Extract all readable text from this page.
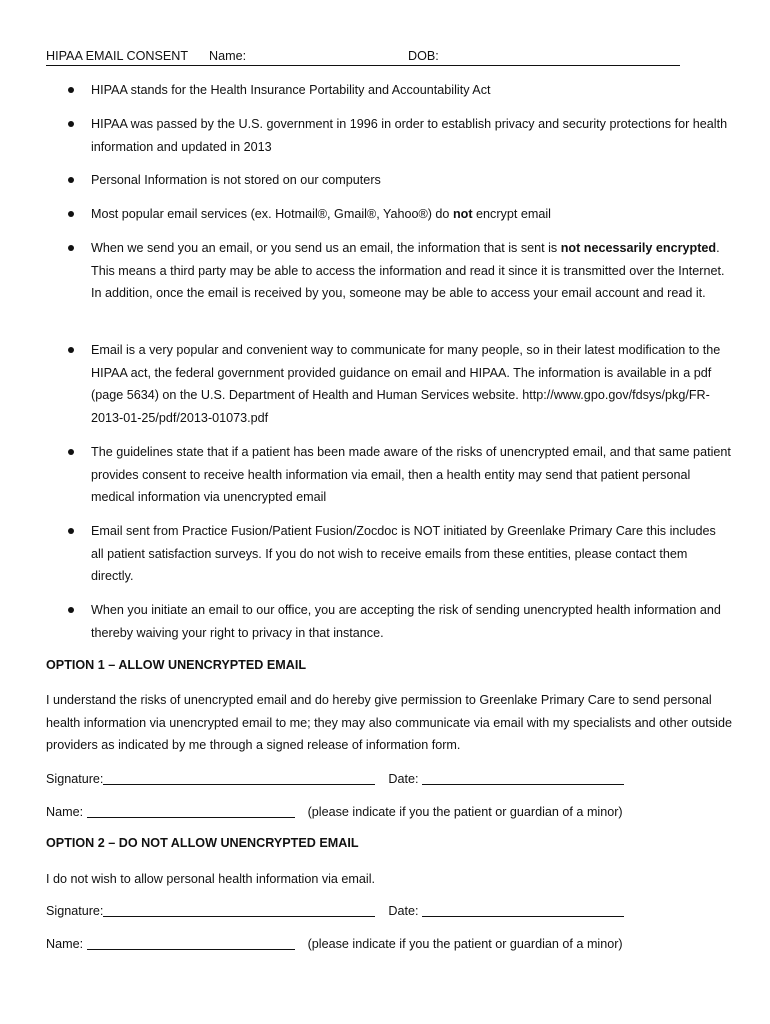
HIPAA EMAIL CONSENT Name:	DOB:
HIPAA stands for the Health Insurance Portability and Accountability Act
HIPAA was passed by the U.S. government in 1996 in order to establish privacy and security protections for health information and updated in 2013
Personal Information is not stored on our computers
Most popular email services (ex. Hotmail®, Gmail®, Yahoo®) do not encrypt email
When we send you an email, or you send us an email, the information that is sent is not necessarily encrypted. This means a third party may be able to access the information and read it since it is transmitted over the Internet. In addition, once the email is received by you, someone may be able to access your email account and read it.
Email is a very popular and convenient way to communicate for many people, so in their latest modification to the HIPAA act, the federal government provided guidance on email and HIPAA. The information is available in a pdf (page 5634) on the U.S. Department of Health and Human Services website. http://www.gpo.gov/fdsys/pkg/FR-2013-01-25/pdf/2013-01073.pdf
The guidelines state that if a patient has been made aware of the risks of unencrypted email, and that same patient provides consent to receive health information via email, then a health entity may send that patient personal medical information via unencrypted email
Email sent from Practice Fusion/Patient Fusion/Zocdoc is NOT initiated by Greenlake Primary Care this includes all patient satisfaction surveys. If you do not wish to receive emails from these entities, please contact them directly.
When you initiate an email to our office, you are accepting the risk of sending unencrypted health information and thereby waiving your right to privacy in that instance.
OPTION 1 – ALLOW UNENCRYPTED EMAIL
I understand the risks of unencrypted email and do hereby give permission to Greenlake Primary Care to send personal health information via unencrypted email to me; they may also communicate via email with my specialists and other outside providers as indicated by me through a signed release of information form.
Signature:	Date:
Name:	(please indicate if you the patient or guardian of a minor)
OPTION 2 – DO NOT ALLOW UNENCRYPTED EMAIL
I do not wish to allow personal health information via email.
Signature:	Date:
Name:	(please indicate if you the patient or guardian of a minor)
